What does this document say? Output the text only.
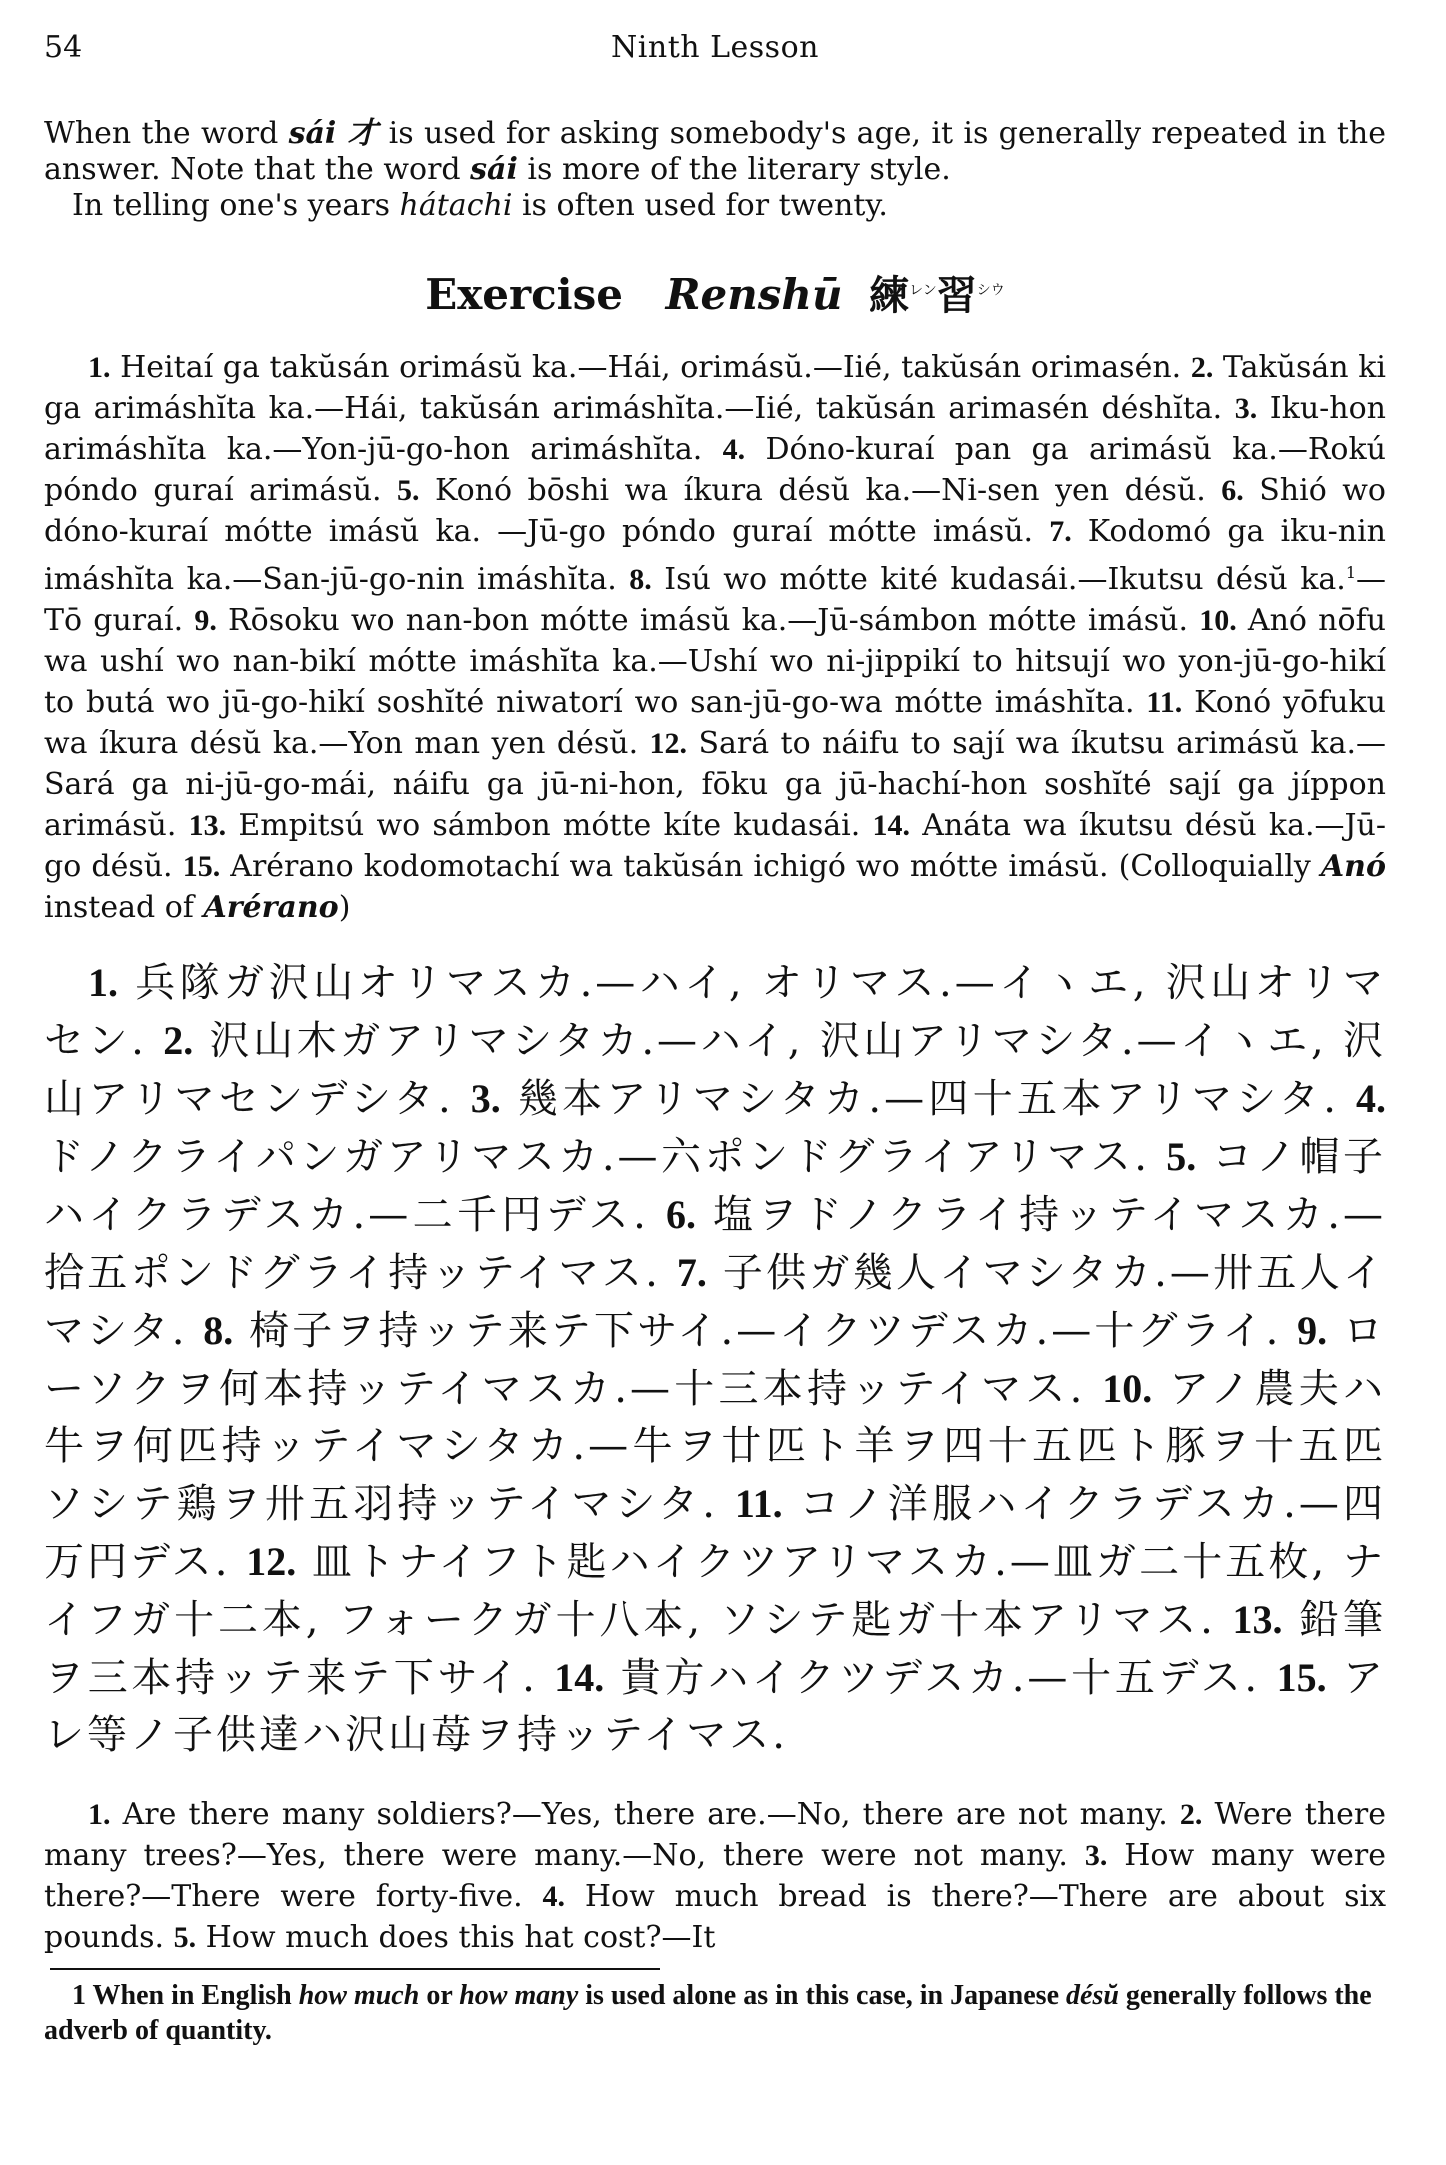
54	Ninth Lesson

When the word sái 才 is used for asking somebody's age, it is generally repeated in the answer. Note that the word sái is more of the literary style.

In telling one's years hátachi is often used for twenty.

Exercise Renshū 練$^{レン}$習$^{シウ}$

1. Heitaí ga takŭsán orimásŭ ka.—Hái, orimásŭ.—Iié, takŭsán orimasén. 2. Takŭsán ki ga arimáshĭta ka.—Hái, takŭsán arimáshĭta.—Iié, takŭsán arimasén déshĭta. 3. Iku-hon arimáshĭta ka.—Yon-jū-go-hon arimáshĭta. 4. Dóno-kuraí pan ga arimásŭ ka.—Rokú póndo guraí arimásŭ. 5. Konó bōshi wa íkura désŭ ka.—Ni-sen yen désŭ. 6. Shió wo dóno-kuraí mótte imásŭ ka. —Jū-go póndo guraí mótte imásŭ. 7. Kodomó ga iku-nin imáshĭta ka.—San-jū-go-nin imáshĭta. 8. Isú wo mótte kité kudasái.—Ikutsu désŭ ka.$^1$— Tō guraí. 9. Rōsoku wo nan-bon mótte imásŭ ka.—Jū-sámbon mótte imásŭ. 10. Anó nōfu wa ushí wo nan-bikí mótte imáshĭta ka.—Ushí wo ni-jippikí to hitsují wo yon-jū-go-hikí to butá wo jū-go-hikí soshĭté niwatorí wo san-jū-go-wa mótte imáshĭta. 11. Konó yōfuku wa íkura désŭ ka.—Yon man yen désŭ. 12. Sará to náifu to sají wa íkutsu arimásŭ ka.—Sará ga ni-jū-go-mái, náifu ga jū-ni-hon, fōku ga jū-hachí-hon soshĭté sají ga jíppon arimásŭ. 13. Empitsú wo sámbon mótte kíte kudasái. 14. Anáta wa íkutsu désŭ ka.—Jū-go désŭ. 15. Arérano kodomotachí wa takŭsán ichigó wo mótte imásŭ. (Colloquially Anó instead of Arérano)

1. 兵隊ガ沢山オリマスカ.—ハイ, オリマス.—イヽエ, 沢山オリマセン. 2. 沢山木ガアリマシタカ.—ハイ, 沢山アリマシタ.—イヽエ, 沢山アリマセンデシタ. 3. 幾本アリマシタカ.—四十五本アリマシタ. 4. ドノクライパンガアリマスカ.—六ポンドグライアリマス. 5. コノ帽子ハイクラデスカ.—二千円デス. 6. 塩ヲドノクライ持ッテイマスカ.—拾五ポンドグライ持ッテイマス. 7. 子供ガ幾人イマシタカ.—卅五人イマシタ. 8. 椅子ヲ持ッテ来テ下サイ.—イクツデスカ.—十グライ. 9. ローソクヲ何本持ッテイマスカ.—十三本持ッテイマス. 10. アノ農夫ハ牛ヲ何匹持ッテイマシタカ.—牛ヲ廿匹ト羊ヲ四十五匹ト豚ヲ十五匹ソシテ鶏ヲ卅五羽持ッテイマシタ. 11. コノ洋服ハイクラデスカ.—四万円デス. 12. 皿トナイフト匙ハイクツアリマスカ.—皿ガ二十五枚, ナイフガ十二本, フォークガ十八本, ソシテ匙ガ十本アリマス. 13. 鉛筆ヲ三本持ッテ来テ下サイ. 14. 貴方ハイクツデスカ.—十五デス. 15. アレ等ノ子供達ハ沢山苺ヲ持ッテイマス.

1. Are there many soldiers?—Yes, there are.—No, there are not many. 2. Were there many trees?—Yes, there were many.—No, there were not many. 3. How many were there?—There were forty-five. 4. How much bread is there?—There are about six pounds. 5. How much does this hat cost?—It

1 When in English how much or how many is used alone as in this case, in Japanese désŭ generally follows the adverb of quantity.
